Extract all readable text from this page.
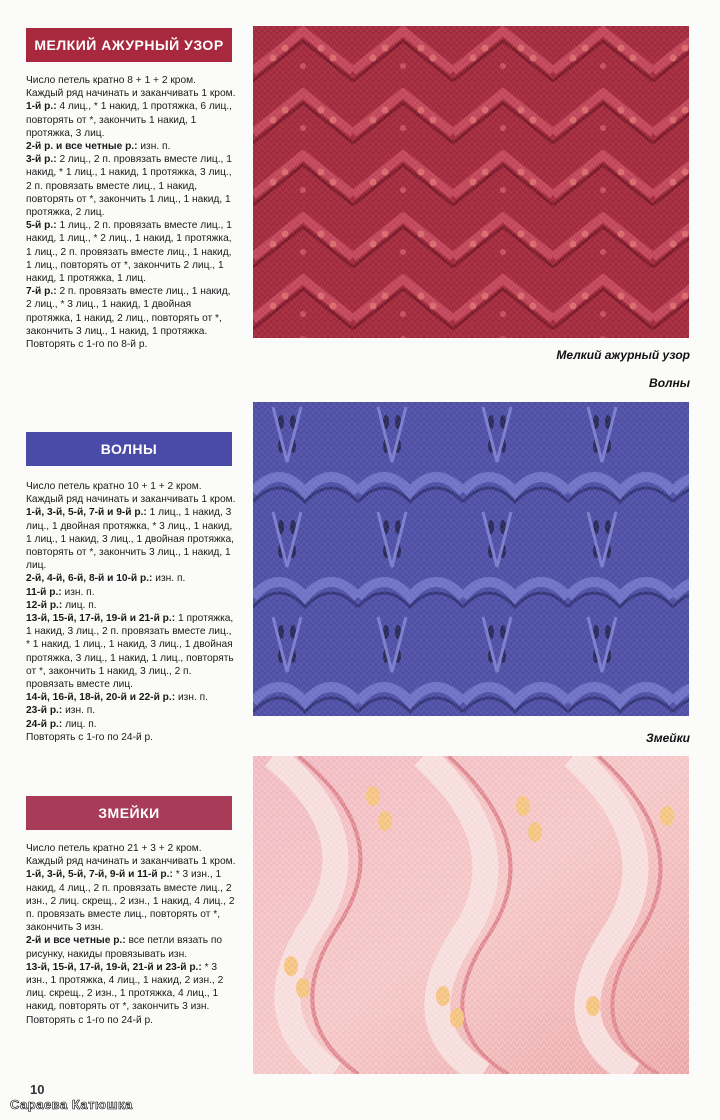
МЕЛКИЙ АЖУРНЫЙ УЗОР

Число петель кратно 8 + 1 + 2 кром. Каждый ряд начинать и заканчивать 1 кром.

1-й р.: 4 лиц., * 1 накид, 1 протяжка, 6 лиц., повторять от *, закончить 1 накид, 1 протяжка, 3 лиц.

2-й р. и все четные р.: изн. п.

3-й р.: 2 лиц., 2 п. провязать вместе лиц., 1 накид, * 1 лиц., 1 накид, 1 протяжка, 3 лиц., 2 п. провязать вместе лиц., 1 накид, повторять от *, закончить 1 лиц., 1 накид, 1 протяжка, 2 лиц.

5-й р.: 1 лиц., 2 п. провязать вместе лиц., 1 накид, 1 лиц., * 2 лиц., 1 накид, 1 протяжка, 1 лиц., 2 п. провязать вместе лиц., 1 накид, 1 лиц., повторять от *, закончить 2 лиц., 1 накид, 1 протяжка, 1 лиц.

7-й р.: 2 п. провязать вместе лиц., 1 накид, 2 лиц., * 3 лиц., 1 накид, 1 двойная протяжка, 1 накид, 2 лиц., повторять от *, закончить 3 лиц., 1 накид, 1 протяжка.

Повторять с 1-го по 8-й р.

Мелкий ажурный узор
Волны
ВОЛНЫ

Число петель кратно 10 + 1 + 2 кром. Каждый ряд начинать и заканчивать 1 кром.

1-й, 3-й, 5-й, 7-й и 9-й р.: 1 лиц., 1 накид, 3 лиц., 1 двойная протяжка, * 3 лиц., 1 накид, 1 лиц., 1 накид, 3 лиц., 1 двойная протяжка, повторять от *, закончить 3 лиц., 1 накид, 1 лиц.

2-й, 4-й, 6-й, 8-й и 10-й р.: изн. п.

11-й р.: изн. п.

12-й р.: лиц. п.

13-й, 15-й, 17-й, 19-й и 21-й р.: 1 протяжка, 1 накид, 3 лиц., 2 п. провязать вместе лиц., * 1 накид, 1 лиц., 1 накид, 3 лиц., 1 двойная протяжка, 3 лиц., 1 накид, 1 лиц., повторять от *, закончить 1 накид, 3 лиц., 2 п. провязать вместе лиц.

14-й, 16-й, 18-й, 20-й и 22-й р.: изн. п.

23-й р.: изн. п.

24-й р.: лиц. п.

Повторять с 1-го по 24-й р.	Змейки
ЗМЕЙКИ

Число петель кратно 21 + 3 + 2 кром. Каждый ряд начинать и заканчивать 1 кром.

1-й, 3-й, 5-й, 7-й, 9-й и 11-й р.: * 3 изн., 1 накид, 4 лиц., 2 п. провязать вместе лиц., 2 изн., 2 лиц. скрещ., 2 изн., 1 накид, 4 лиц., 2 п. провязать вместе лиц., повторять от *, закончить 3 изн.

2-й и все четные р.: все петли вязать по рисунку, накиды провязывать изн.

13-й, 15-й, 17-й, 19-й, 21-й и 23-й р.: * 3 изн., 1 протяжка, 4 лиц., 1 накид, 2 изн., 2 лиц. скрещ., 2 изн., 1 протяжка, 4 лиц., 1 накид, повторять от *, закончить 3 изн.

Повторять с 1-го по 24-й р.

10
Сараева Катюшка
